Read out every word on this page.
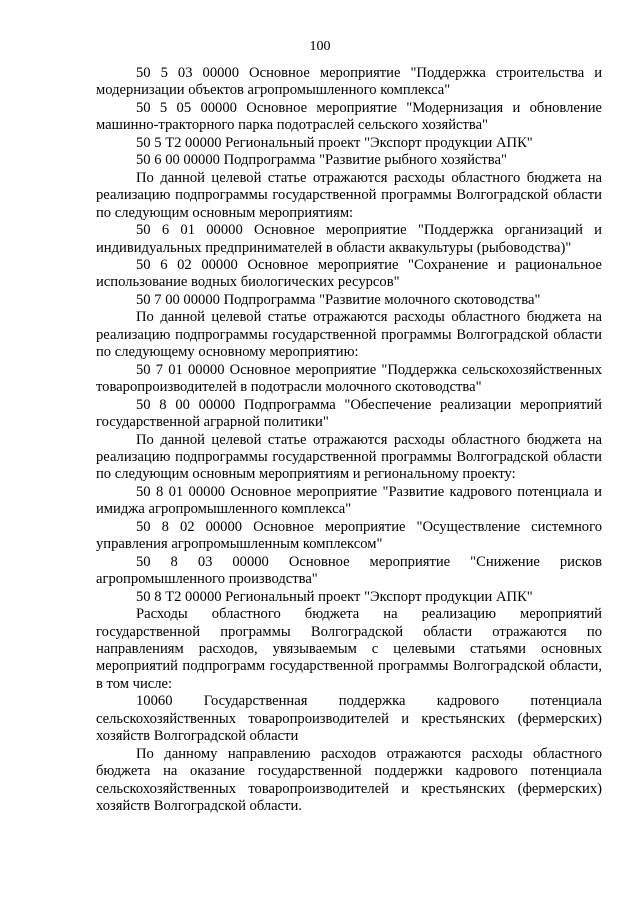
100

50 5 03 00000 Основное мероприятие "Поддержка строительства и модернизации объектов агропромышленного комплекса"

50 5 05 00000 Основное мероприятие "Модернизация и обновление машинно-тракторного парка подотраслей сельского хозяйства"

50 5 Т2 00000 Региональный проект "Экспорт продукции АПК"

50 6 00 00000 Подпрограмма "Развитие рыбного хозяйства"

По данной целевой статье отражаются расходы областного бюджета на реализацию подпрограммы государственной программы Волгоградской области по следующим основным мероприятиям:

50 6 01 00000 Основное мероприятие "Поддержка организаций и индивидуальных предпринимателей в области аквакультуры (рыбоводства)"

50 6 02 00000 Основное мероприятие "Сохранение и рациональное использование водных биологических ресурсов"

50 7 00 00000 Подпрограмма "Развитие молочного скотоводства"

По данной целевой статье отражаются расходы областного бюджета на реализацию подпрограммы государственной программы Волгоградской области по следующему основному мероприятию:

50 7 01 00000 Основное мероприятие "Поддержка сельскохозяйственных товаропроизводителей в подотрасли молочного скотоводства"

50 8 00 00000 Подпрограмма "Обеспечение реализации мероприятий государственной аграрной политики"

По данной целевой статье отражаются расходы областного бюджета на реализацию подпрограммы государственной программы Волгоградской области по следующим основным мероприятиям и региональному проекту:

50 8 01 00000 Основное мероприятие "Развитие кадрового потенциала и имиджа агропромышленного комплекса"

50 8 02 00000 Основное мероприятие "Осуществление системного управления агропромышленным комплексом"

50 8 03 00000 Основное мероприятие "Снижение рисков агропромышленного производства"

50 8 Т2 00000 Региональный проект "Экспорт продукции АПК"

Расходы областного бюджета на реализацию мероприятий государственной программы Волгоградской области отражаются по направлениям расходов, увязываемым с целевыми статьями основных мероприятий подпрограмм государственной программы Волгоградской области, в том числе:

10060 Государственная поддержка кадрового потенциала сельскохозяйственных товаропроизводителей и крестьянских (фермерских) хозяйств Волгоградской области

По данному направлению расходов отражаются расходы областного бюджета на оказание государственной поддержки кадрового потенциала сельскохозяйственных товаропроизводителей и крестьянских (фермерских) хозяйств Волгоградской области.
